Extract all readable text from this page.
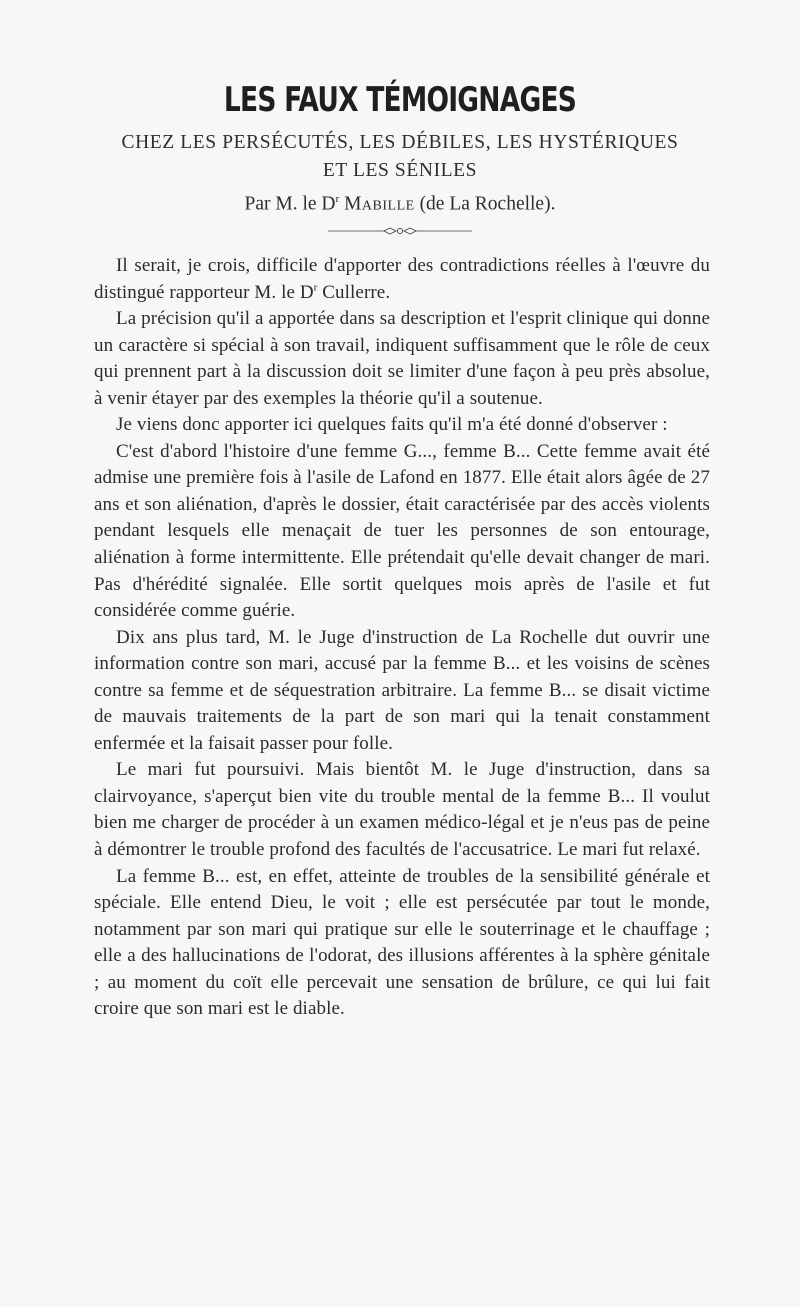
LES FAUX TÉMOIGNAGES
CHEZ LES PERSÉCUTÉS, LES DÉBILES, LES HYSTÉRIQUES
ET LES SÉNILES
Par M. le $D^r$ Mabille (de La Rochelle).

Il serait, je crois, difficile d'apporter des contradictions réelles à l'œuvre du distingué rapporteur M. le $D^r$ Cullerre.

La précision qu'il a apportée dans sa description et l'esprit clinique qui donne un caractère si spécial à son travail, indiquent suffisamment que le rôle de ceux qui prennent part à la discussion doit se limiter d'une façon à peu près absolue, à venir étayer par des exemples la théorie qu'il a soutenue.

Je viens donc apporter ici quelques faits qu'il m'a été donné d'observer :

C'est d'abord l'histoire d'une femme G..., femme B... Cette femme avait été admise une première fois à l'asile de Lafond en 1877. Elle était alors âgée de 27 ans et son aliénation, d'après le dossier, était caractérisée par des accès violents pendant lesquels elle menaçait de tuer les personnes de son entourage, aliénation à forme intermittente. Elle prétendait qu'elle devait changer de mari. Pas d'hérédité signalée. Elle sortit quelques mois après de l'asile et fut considérée comme guérie.

Dix ans plus tard, M. le Juge d'instruction de La Rochelle dut ouvrir une information contre son mari, accusé par la femme B... et les voisins de scènes contre sa femme et de séquestration arbitraire. La femme B... se disait victime de mauvais traitements de la part de son mari qui la tenait constamment enfermée et la faisait passer pour folle.

Le mari fut poursuivi. Mais bientôt M. le Juge d'instruction, dans sa clairvoyance, s'aperçut bien vite du trouble mental de la femme B... Il voulut bien me charger de procéder à un examen médico-légal et je n'eus pas de peine à démontrer le trouble profond des facultés de l'accusatrice. Le mari fut relaxé.

La femme B... est, en effet, atteinte de troubles de la sensibilité générale et spéciale. Elle entend Dieu, le voit ; elle est persécutée par tout le monde, notamment par son mari qui pratique sur elle le souterrinage et le chauffage ; elle a des hallucinations de l'odorat, des illusions afférentes à la sphère génitale ; au moment du coït elle percevait une sensation de brûlure, ce qui lui fait croire que son mari est le diable.
